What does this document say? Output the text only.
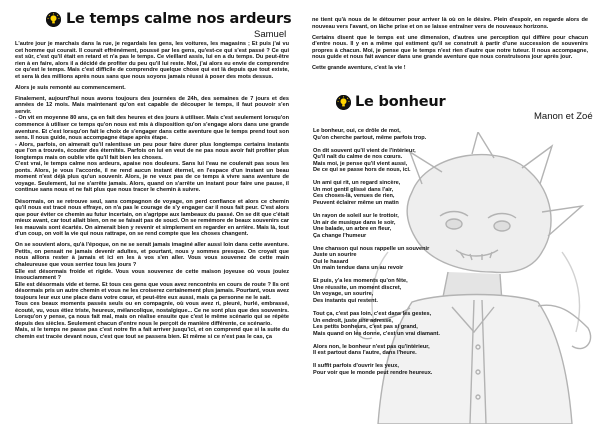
Le temps calme nos ardeurs
Samuel

L'autre jour je marchais dans la rue, je regardais les gens, les voitures, les magasins ; Et puis j'ai vu cet homme qui courait. Il courait effrénément, poussé par les gens, qu'est-ce qui s'est passé ? Ce qui est sûr, c'est qu'il était en retard et n'a pas le temps. Ce vieillard assis, lui en a du temps. Du peut-être rien à en faire, alors il a décidé de profiter du peu qu'il lui reste. Moi, j'ai alors eu envie de comprendre ce qu'est le temps. Mais c'est difficile de comprendre quelque chose qui est là depuis que tout existe, et sera là des millions après nous sans que nous soyons jamais réussi à poser des mots dessus.

Alors je suis remonté au commencement.

Finalement, aujourd'hui nous avons toujours des journées de 24h, des semaines de 7 jours et des années de 12 mois. Mais maintenant qu'on est capable de découper le temps, il faut pouvoir s'en servir.
- On vit en moyenne 80 ans, ça en fait des heures et des jours à utiliser. Mais c'est seulement lorsqu'on commence à utiliser ce temps qu'on nous est mis à disposition qu'on s'engage alors dans une grande aventure. Et c'est lorsqu'on fait le choix de s'engager dans cette aventure que le temps prend tout son sens. Il nous guide, nous accompagne étape après étape.
- Alors, parfois, on aimerait qu'il ralentisse un peu pour faire durer plus longtemps certains instants que l'on a trouvés, écouter des éternités. Parfois on lui en veut de ne pas nous avoir fait profiter plus longtemps mais on oublie vite qu'il fait bien les choses.
C'est vrai, le temps calme nos ardeurs, apaise nos douleurs. Sans lui l'eau ne coulerait pas sous les ponts. Alors, je vous l'accorde, il ne rend aucun instant éternel, en l'espace d'un instant un beau moment n'est déjà plus qu'un souvenir. Alors, je ne veux pas de ce temps à vivre sans aventure de voyage. Seulement, lui ne s'arrête jamais. Alors, quand on s'arrête un instant pour faire une pause, il continue sans nous et ne fait plus que nous tracer le chemin à suivre.

Désormais, on se retrouve seul, sans compagnon de voyage, on perd confiance et alors ce chemin qu'il nous est tracé nous effraye, on n'a pas le courage de s'y engager car il nous fait peur. C'est alors que pour éviter ce chemin au futur incertain, on s'agrippe aux lambeaux du passé. On se dit que c'était mieux avant, car tout allait bien, on ne se faisait pas de souci. On se remémore de beaux souvenirs car les mauvais sont écartés. On aimerait bien y revenir et simplement en regarder en arrière. Mais là, tout d'un coup, on voit la vie qui nous rattrape, on se rend compte que les choses changent.

On se souvient alors, qu'à l'époque, on ne se serait jamais imaginé aller aussi loin dans cette aventure. Petits, on pensait ne jamais devenir adultes, et pourtant, nous y sommes presque. On croyait que nous allions rester à jamais et ici en les à vos s'en aller. Vous vous souvenez de cette main chaleureuse que vous serriez tous les jours ?
Elle est désormais froide et rigide. Vous vous souvenez de cette maison joyeuse où vous jouiez insouciamment ?
Elle est désormais vide et terne. Et tous ces gens que vous avez rencontrés en cours de route ? Ils ont désormais pris un autre chemin et vous ne les croiserez certainement plus jamais. Pourtant, vous avez toujours leur eux une place dans votre cœur, et peut-être eux aussi, mais ça personne ne le sait.
Tous ces beaux moments passés seuls ou en compagnie, où vous avez ri, pleuré, hurlé, embrassé, écouté, vu, vous étiez triste, heureux, mélancolique, nostalgique... Ce ne sont plus que des souvenirs. Lorsqu'on y pense, ça nous fait mal, mais on réalise ensuite que c'est le même scénario qui se répète depuis des siècles. Seulement chacun d'entre nous le perçoit de manière différente, ce scénario.
Mais, si le temps ne passe pas c'est notre fin a fait arriver jusqu'ici, et on comprend que si la suite du chemin est tracée devant nous, c'est que tout se passera bien. Et même si ce n'est pas le cas, ça

ne tient qu'à nous de le détourner pour arriver là où on le désire. Plein d'espoir, en regarde alors de nouveau vers l'avant, on lâche prise et on se laisse entraîner vers de nouveaux horizons.

Certains disent que le temps est une dimension, d'autres une perception qui diffère pour chacun d'entre nous. Il y en a même qui estiment qu'il se construit à partir d'une succession de souvenirs propres à chacun. Moi, je pense que le temps n'est rien d'autre que notre tuteur. Il nous accompagne, nous guide et nous fait avancer dans une grande aventure que nous construisons jour après jour.

Cette grande aventure, c'est la vie !

Le bonheur
Manon et Zoé
Le bonheur, oui, ce drôle de mot,
Qu'on cherche partout, même parfois trop.
On dit souvent qu'il vient de l'intérieur,
Qu'il naît du calme de nos cœurs.
Mais moi, je pense qu'il vient aussi,
De ce qui se passe hors de nous, ici.
Un ami qui rit, un regard sincère,
Un mot gentil glissé dans l'air,
Ces choses-là, venues de rien,
Peuvent éclairer même un matin
Un rayon de soleil sur le trottoir,
Un air de musique dans le soir,
Une balade, un arbre en fleur,
Ça change l'humeur
Une chanson qui nous rappelle un souvenir
Juste un sourire
Oui le hasard
Un main tendue dans un au revoir
Et puis, y'a les moments qu'on fête,
Une réussite, un moment discret,
Un voyage, un sourire,
Des instants qui restent.
Tout ça, c'est pas loin, c'est dans les gestes,
Un endroit, juste une adresse,
Les petits bonheurs, c'est pas si grand,
Mais quand on les donne, c'est un vrai diamant.
Alors non, le bonheur n'est pas qu'intérieur,
Il est partout dans l'autre, dans l'heure.
Il suffit parfois d'ouvrir les yeux,
Pour voir que le monde peut rendre heureux.
